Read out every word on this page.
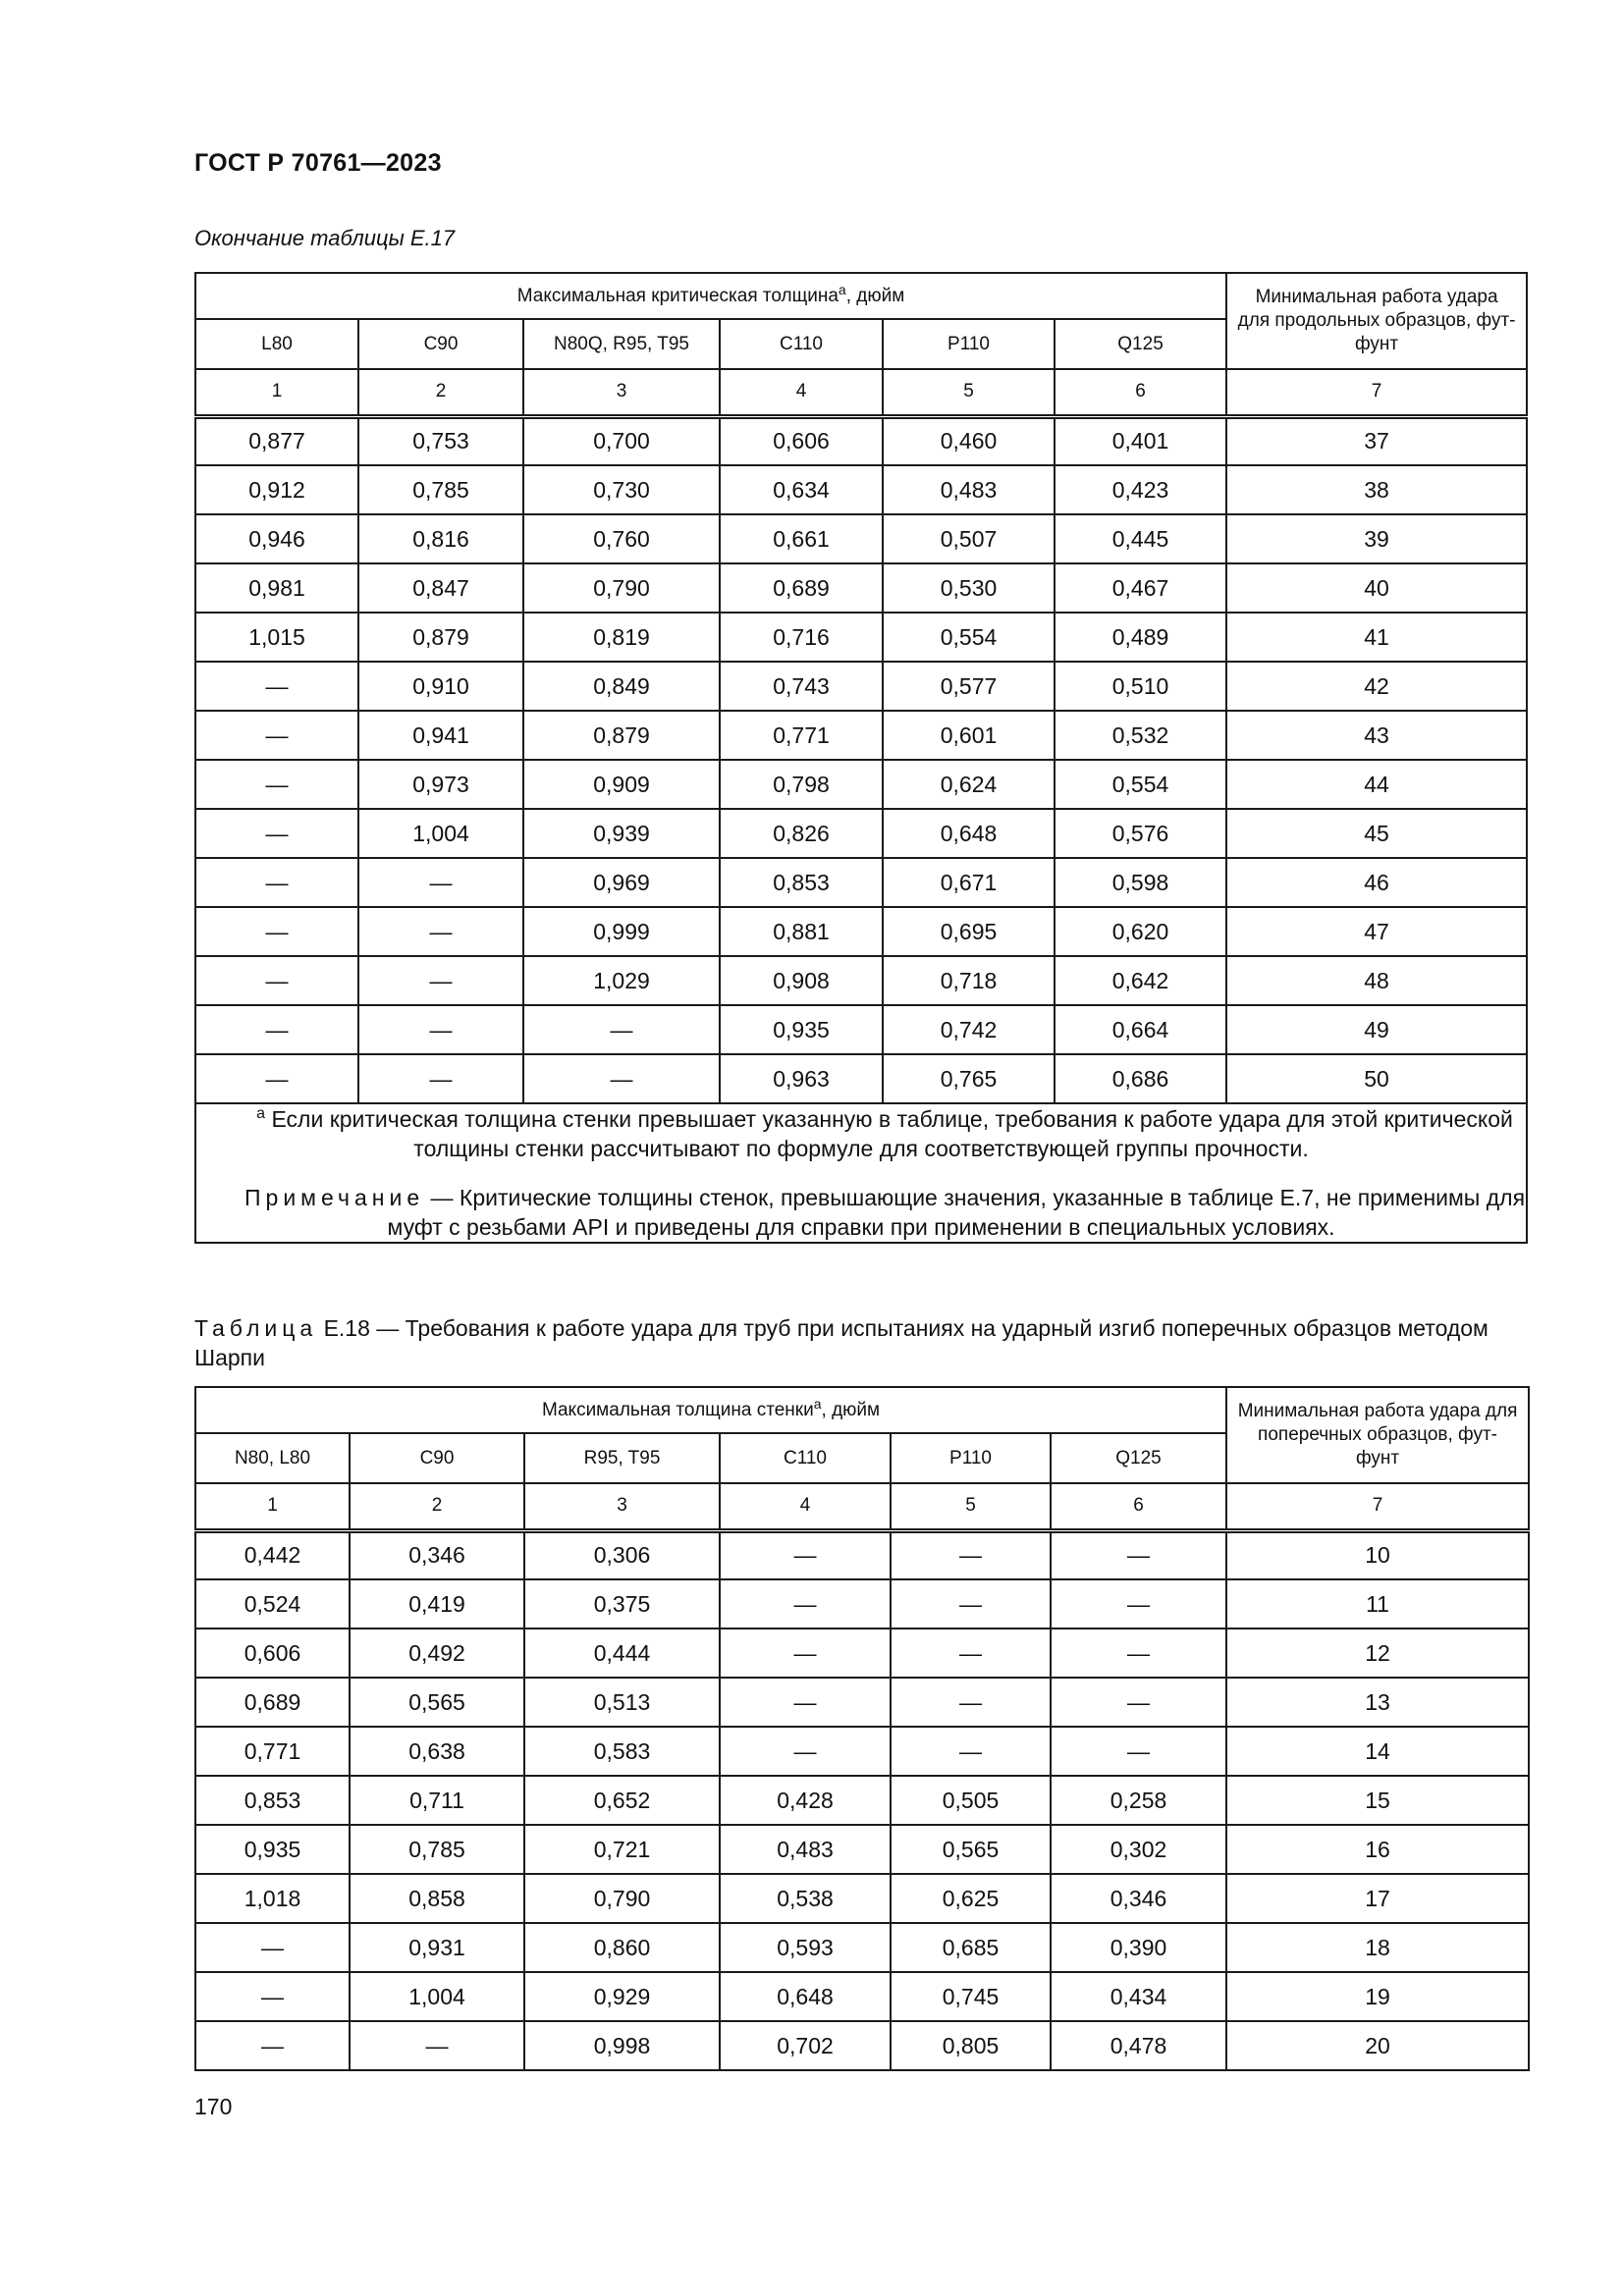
ГОСТ Р 70761—2023
Окончание таблицы Е.17
Максимальная критическая толщина$^а$, дюйм						Минимальная работа удара для продольных образцов, фут-фунт
L80	C90	N80Q, R95, T95	C110	P110	Q125	
1	2	3	4	5	6	7
0,877	0,753	0,700	0,606	0,460	0,401	37
0,912	0,785	0,730	0,634	0,483	0,423	38
0,946	0,816	0,760	0,661	0,507	0,445	39
0,981	0,847	0,790	0,689	0,530	0,467	40
1,015	0,879	0,819	0,716	0,554	0,489	41
—	0,910	0,849	0,743	0,577	0,510	42
—	0,941	0,879	0,771	0,601	0,532	43
—	0,973	0,909	0,798	0,624	0,554	44
—	1,004	0,939	0,826	0,648	0,576	45
—	—	0,969	0,853	0,671	0,598	46
—	—	0,999	0,881	0,695	0,620	47
—	—	1,029	0,908	0,718	0,642	48
—	—	—	0,935	0,742	0,664	49
—	—	—	0,963	0,765	0,686	50

$^а$ Если критическая толщина стенки превышает указанную в таблице, требования к работе удара для этой критической толщины стенки рассчитывают по формуле для соответствующей группы прочности.

Примечание — Критические толщины стенок, превышающие значения, указанные в таблице Е.7, не применимы для муфт с резьбами API и приведены для справки при применении в специальных условиях.						

Таблица Е.18 — Требования к работе удара для труб при испытаниях на ударный изгиб поперечных образцов методом Шарпи
Максимальная толщина стенки$^а$, дюйм						Минимальная работа удара для поперечных образцов, фут-фунт
N80, L80	C90	R95, T95	C110	P110	Q125	
1	2	3	4	5	6	7
0,442	0,346	0,306	—	—	—	10
0,524	0,419	0,375	—	—	—	11
0,606	0,492	0,444	—	—	—	12
0,689	0,565	0,513	—	—	—	13
0,771	0,638	0,583	—	—	—	14
0,853	0,711	0,652	0,428	0,505	0,258	15
0,935	0,785	0,721	0,483	0,565	0,302	16
1,018	0,858	0,790	0,538	0,625	0,346	17
—	0,931	0,860	0,593	0,685	0,390	18
—	1,004	0,929	0,648	0,745	0,434	19
—	—	0,998	0,702	0,805	0,478	20
170
